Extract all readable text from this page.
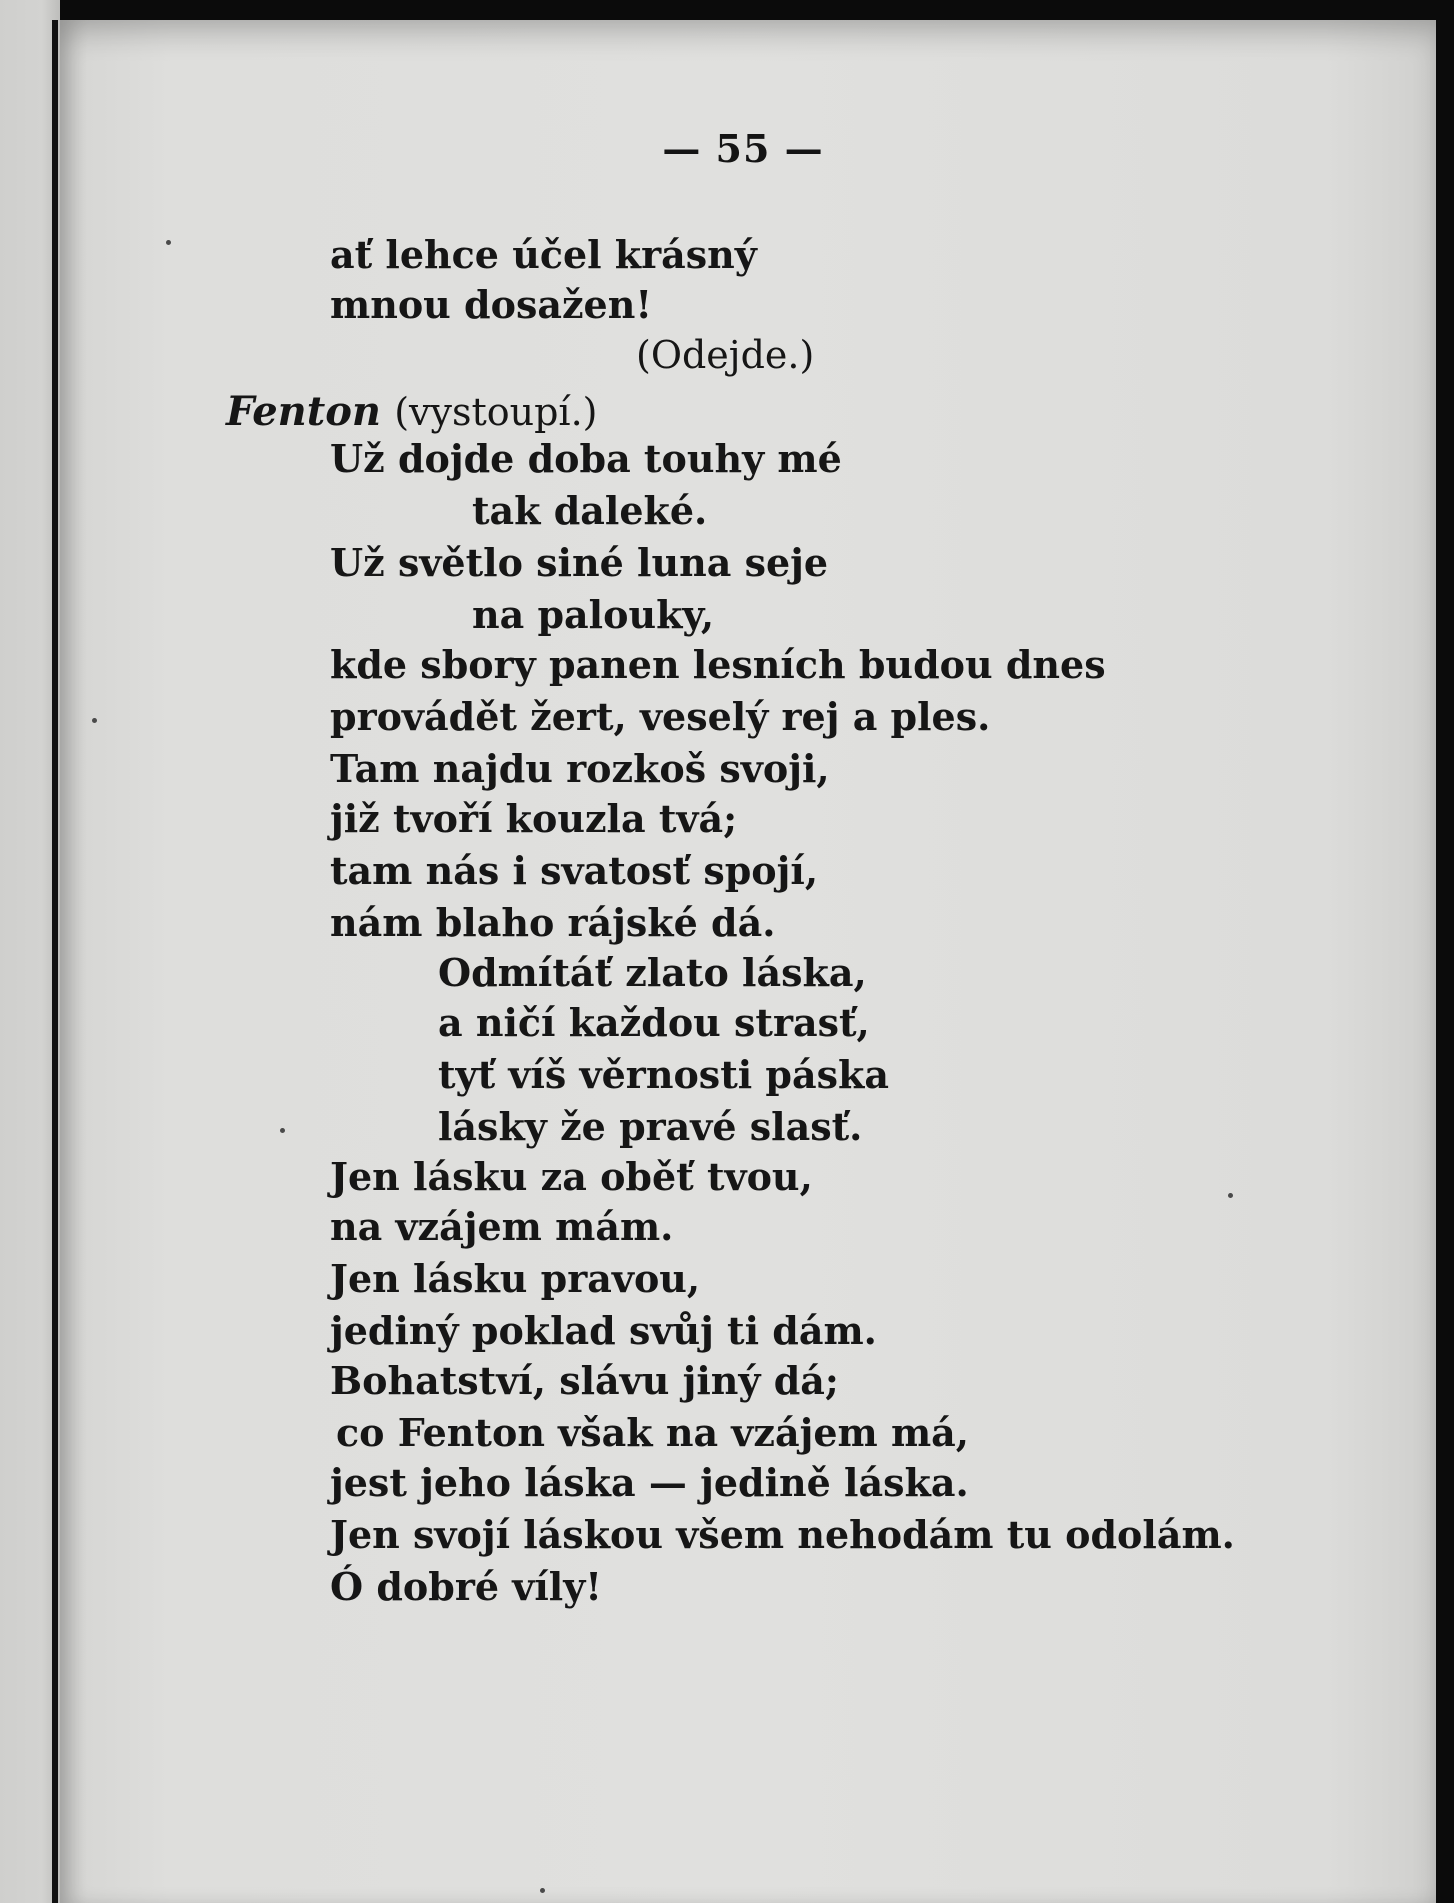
— 55 —
ať lehce účel krásný
mnou dosažen!
(Odejde.)
Fenton (vystoupí.)
Už dojde doba touhy mé
tak daleké.
Už světlo siné luna seje
na palouky,
kde sbory panen lesních budou dnes
provádět žert, veselý rej a ples.
Tam najdu rozkoš svoji,
již tvoří kouzla tvá;
tam nás i svatosť spojí,
nám blaho rájské dá.
Odmítáť zlato láska,
a ničí každou strasť,
tyť víš věrnosti páska
lásky že pravé slasť.
Jen lásku za oběť tvou,
na vzájem mám.
Jen lásku pravou,
jediný poklad svůj ti dám.
Bohatství, slávu jiný dá;
co Fenton však na vzájem má,
jest jeho láska — jedině láska.
Jen svojí láskou všem nehodám tu odolám.
Ó dobré víly!
